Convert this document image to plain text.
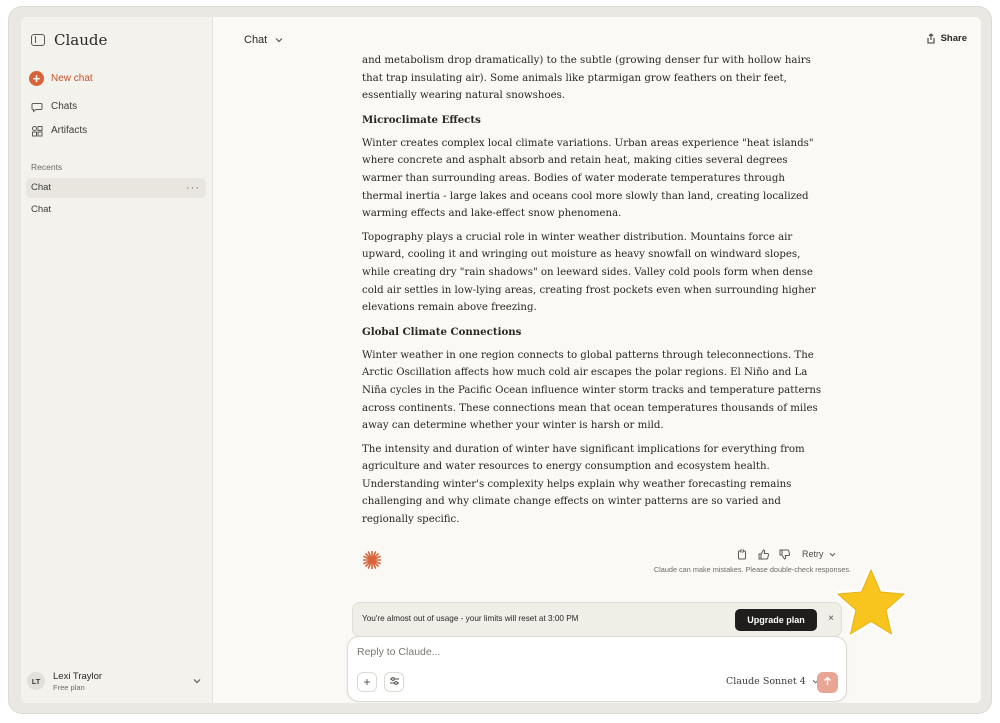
Claude
+	New chat
Chats
Artifacts
Recents
Chat	···
Chat
LT	Lexi Traylor
Free plan
Chat	Share

and metabolism drop dramatically) to the subtle (growing denser fur with hollow hairs that trap insulating air). Some animals like ptarmigan grow feathers on their feet, essentially wearing natural snowshoes.

Microclimate Effects

Winter creates complex local climate variations. Urban areas experience "heat islands" where concrete and asphalt absorb and retain heat, making cities several degrees warmer than surrounding areas. Bodies of water moderate temperatures through thermal inertia - large lakes and oceans cool more slowly than land, creating localized warming effects and lake-effect snow phenomena.

Topography plays a crucial role in winter weather distribution. Mountains force air upward, cooling it and wringing out moisture as heavy snowfall on windward slopes, while creating dry "rain shadows" on leeward sides. Valley cold pools form when dense cold air settles in low-lying areas, creating frost pockets even when surrounding higher elevations remain above freezing.

Global Climate Connections

Winter weather in one region connects to global patterns through teleconnections. The Arctic Oscillation affects how much cold air escapes the polar regions. El Niño and La Niña cycles in the Pacific Ocean influence winter storm tracks and temperature patterns across continents. These connections mean that ocean temperatures thousands of miles away can determine whether your winter is harsh or mild.

The intensity and duration of winter have significant implications for everything from agriculture and water resources to energy consumption and ecosystem health. Understanding winter's complexity helps explain why weather forecasting remains challenging and why climate change effects on winter patterns are so varied and regionally specific.

Retry
Claude can make mistakes. Please double-check responses.
You're almost out of usage - your limits will reset at 3:00 PM	Upgrade plan	×
Reply to Claude...
+	Claude Sonnet 4
